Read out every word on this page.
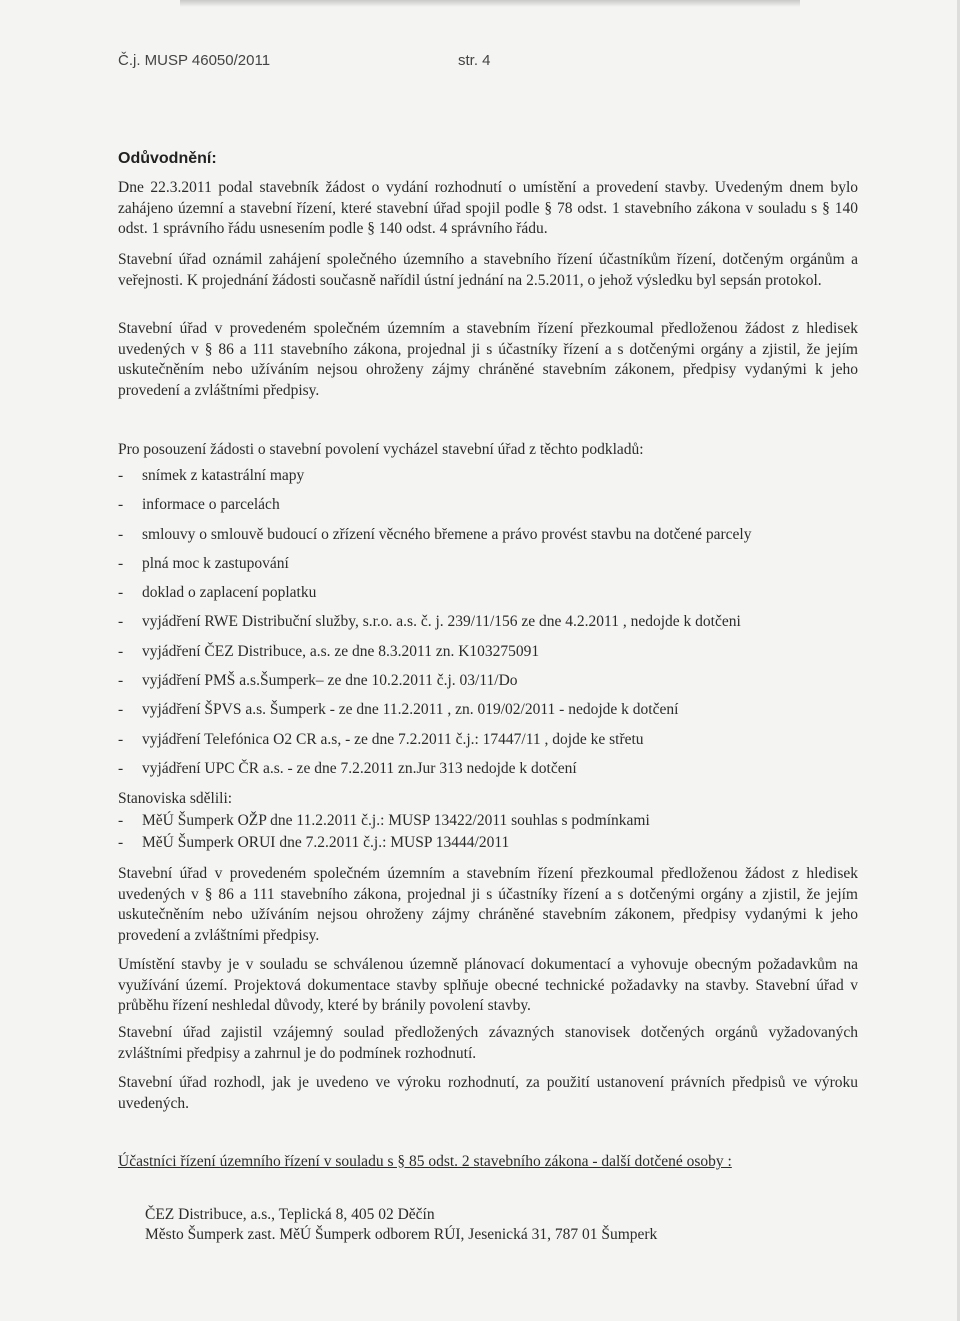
Č.j. MUSP 46050/2011	str. 4
Odůvodnění:

Dne 22.3.2011 podal stavebník žádost o vydání rozhodnutí o umístění a provedení stavby. Uvedeným dnem bylo zahájeno územní a stavební řízení, které stavební úřad spojil podle § 78 odst. 1 stavebního zákona v souladu s § 140 odst. 1 správního řádu usnesením podle § 140 odst. 4 správního řádu.

Stavební úřad oznámil zahájení společného územního a stavebního řízení účastníkům řízení, dotčeným orgánům a veřejnosti. K projednání žádosti současně nařídil ústní jednání na 2.5.2011, o jehož výsledku byl sepsán protokol.

Stavební úřad v provedeném společném územním a stavebním řízení přezkoumal předloženou žádost z hledisek uvedených v § 86 a 111 stavebního zákona, projednal ji s účastníky řízení a s dotčenými orgány a zjistil, že jejím uskutečněním nebo užíváním nejsou ohroženy zájmy chráněné stavebním zákonem, předpisy vydanými k jeho provedení a zvláštními předpisy.

Pro posouzení žádosti o stavební povolení vycházel stavební úřad z těchto podkladů:

- snímek z katastrální mapy
- informace o parcelách
- smlouvy o smlouvě budoucí o zřízení věcného břemene a právo provést stavbu na dotčené parcely
- plná moc k zastupování
- doklad o zaplacení poplatku
- vyjádření RWE Distribuční služby, s.r.o. a.s. č. j. 239/11/156 ze dne 4.2.2011 , nedojde k dotčeni
- vyjádření ČEZ Distribuce, a.s. ze dne 8.3.2011 zn. K103275091
- vyjádření PMŠ a.s.Šumperk– ze dne 10.2.2011 č.j. 03/11/Do
- vyjádření ŠPVS a.s. Šumperk - ze dne 11.2.2011 , zn. 019/02/2011 - nedojde k dotčení
- vyjádření Telefónica O2 CR a.s, - ze dne 7.2.2011 č.j.: 17447/11 , dojde ke střetu
- vyjádření UPC ČR a.s. - ze dne 7.2.2011 zn.Jur 313 nedojde k dotčení
Stanoviska sdělili:
- MěÚ Šumperk OŽP dne 11.2.2011 č.j.: MUSP 13422/2011 souhlas s podmínkami
- MěÚ Šumperk ORUI dne 7.2.2011 č.j.: MUSP 13444/2011

Stavební úřad v provedeném společném územním a stavebním řízení přezkoumal předloženou žádost z hledisek uvedených v § 86 a 111 stavebního zákona, projednal ji s účastníky řízení a s dotčenými orgány a zjistil, že jejím uskutečněním nebo užíváním nejsou ohroženy zájmy chráněné stavebním zákonem, předpisy vydanými k jeho provedení a zvláštními předpisy.

Umístění stavby je v souladu se schválenou územně plánovací dokumentací a vyhovuje obecným požadavkům na využívání území. Projektová dokumentace stavby splňuje obecné technické požadavky na stavby. Stavební úřad v průběhu řízení neshledal důvody, které by bránily povolení stavby.

Stavební úřad zajistil vzájemný soulad předložených závazných stanovisek dotčených orgánů vyžadovaných zvláštními předpisy a zahrnul je do podmínek rozhodnutí.

Stavební úřad rozhodl, jak je uvedeno ve výroku rozhodnutí, za použití ustanovení právních předpisů ve výroku uvedených.

Účastníci řízení územního řízení v souladu s § 85 odst. 2 stavebního zákona - další dotčené osoby :
ČEZ Distribuce, a.s., Teplická 8, 405 02 Děčín
Město Šumperk zast. MěÚ Šumperk odborem RÚI, Jesenická 31, 787 01 Šumperk
